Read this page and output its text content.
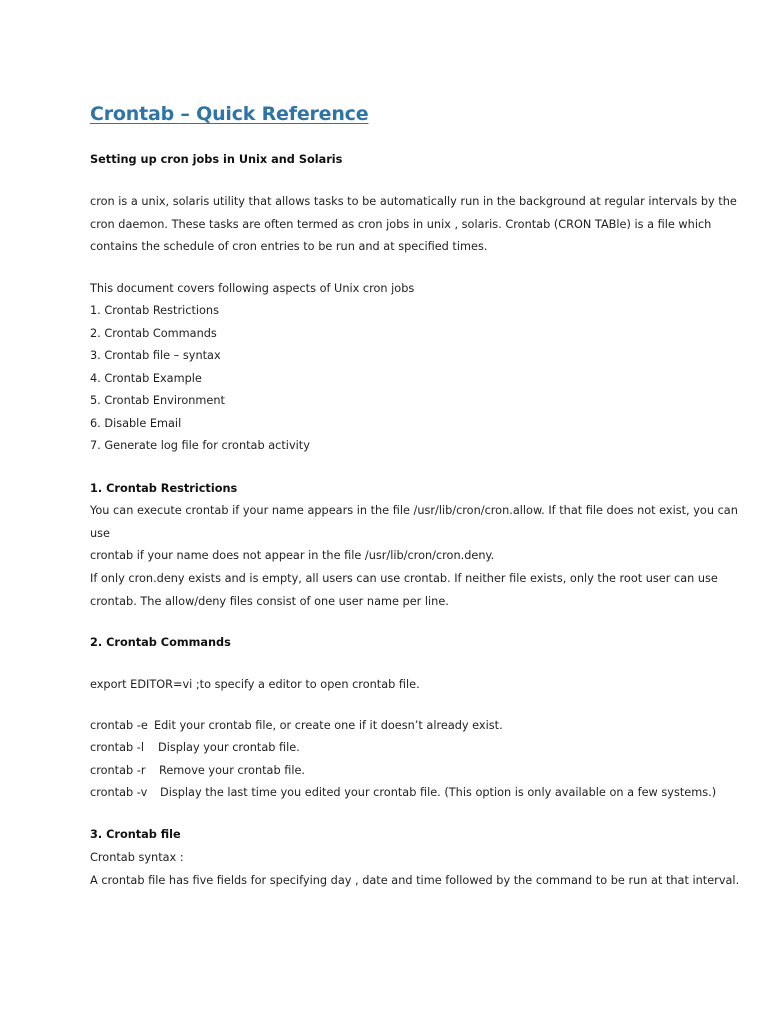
Crontab – Quick Reference
Setting up cron jobs in Unix and Solaris
cron is a unix, solaris utility that allows tasks to be automatically run in the background at regular intervals by the
cron daemon. These tasks are often termed as cron jobs in unix , solaris. Crontab (CRON TABle) is a file which
contains the schedule of cron entries to be run and at specified times.
This document covers following aspects of Unix cron jobs
1. Crontab Restrictions
2. Crontab Commands
3. Crontab file – syntax
4. Crontab Example
5. Crontab Environment
6. Disable Email
7. Generate log file for crontab activity
1. Crontab Restrictions
You can execute crontab if your name appears in the file /usr/lib/cron/cron.allow. If that file does not exist, you can
use
crontab if your name does not appear in the file /usr/lib/cron/cron.deny.
If only cron.deny exists and is empty, all users can use crontab. If neither file exists, only the root user can use
crontab. The allow/deny files consist of one user name per line.
2. Crontab Commands
export EDITOR=vi ;to specify a editor to open crontab file.
crontab -e Edit your crontab file, or create one if it doesn’t already exist.
crontab -l Display your crontab file.
crontab -r Remove your crontab file.
crontab -v Display the last time you edited your crontab file. (This option is only available on a few systems.)
3. Crontab file
Crontab syntax :
A crontab file has five fields for specifying day , date and time followed by the command to be run at that interval.
